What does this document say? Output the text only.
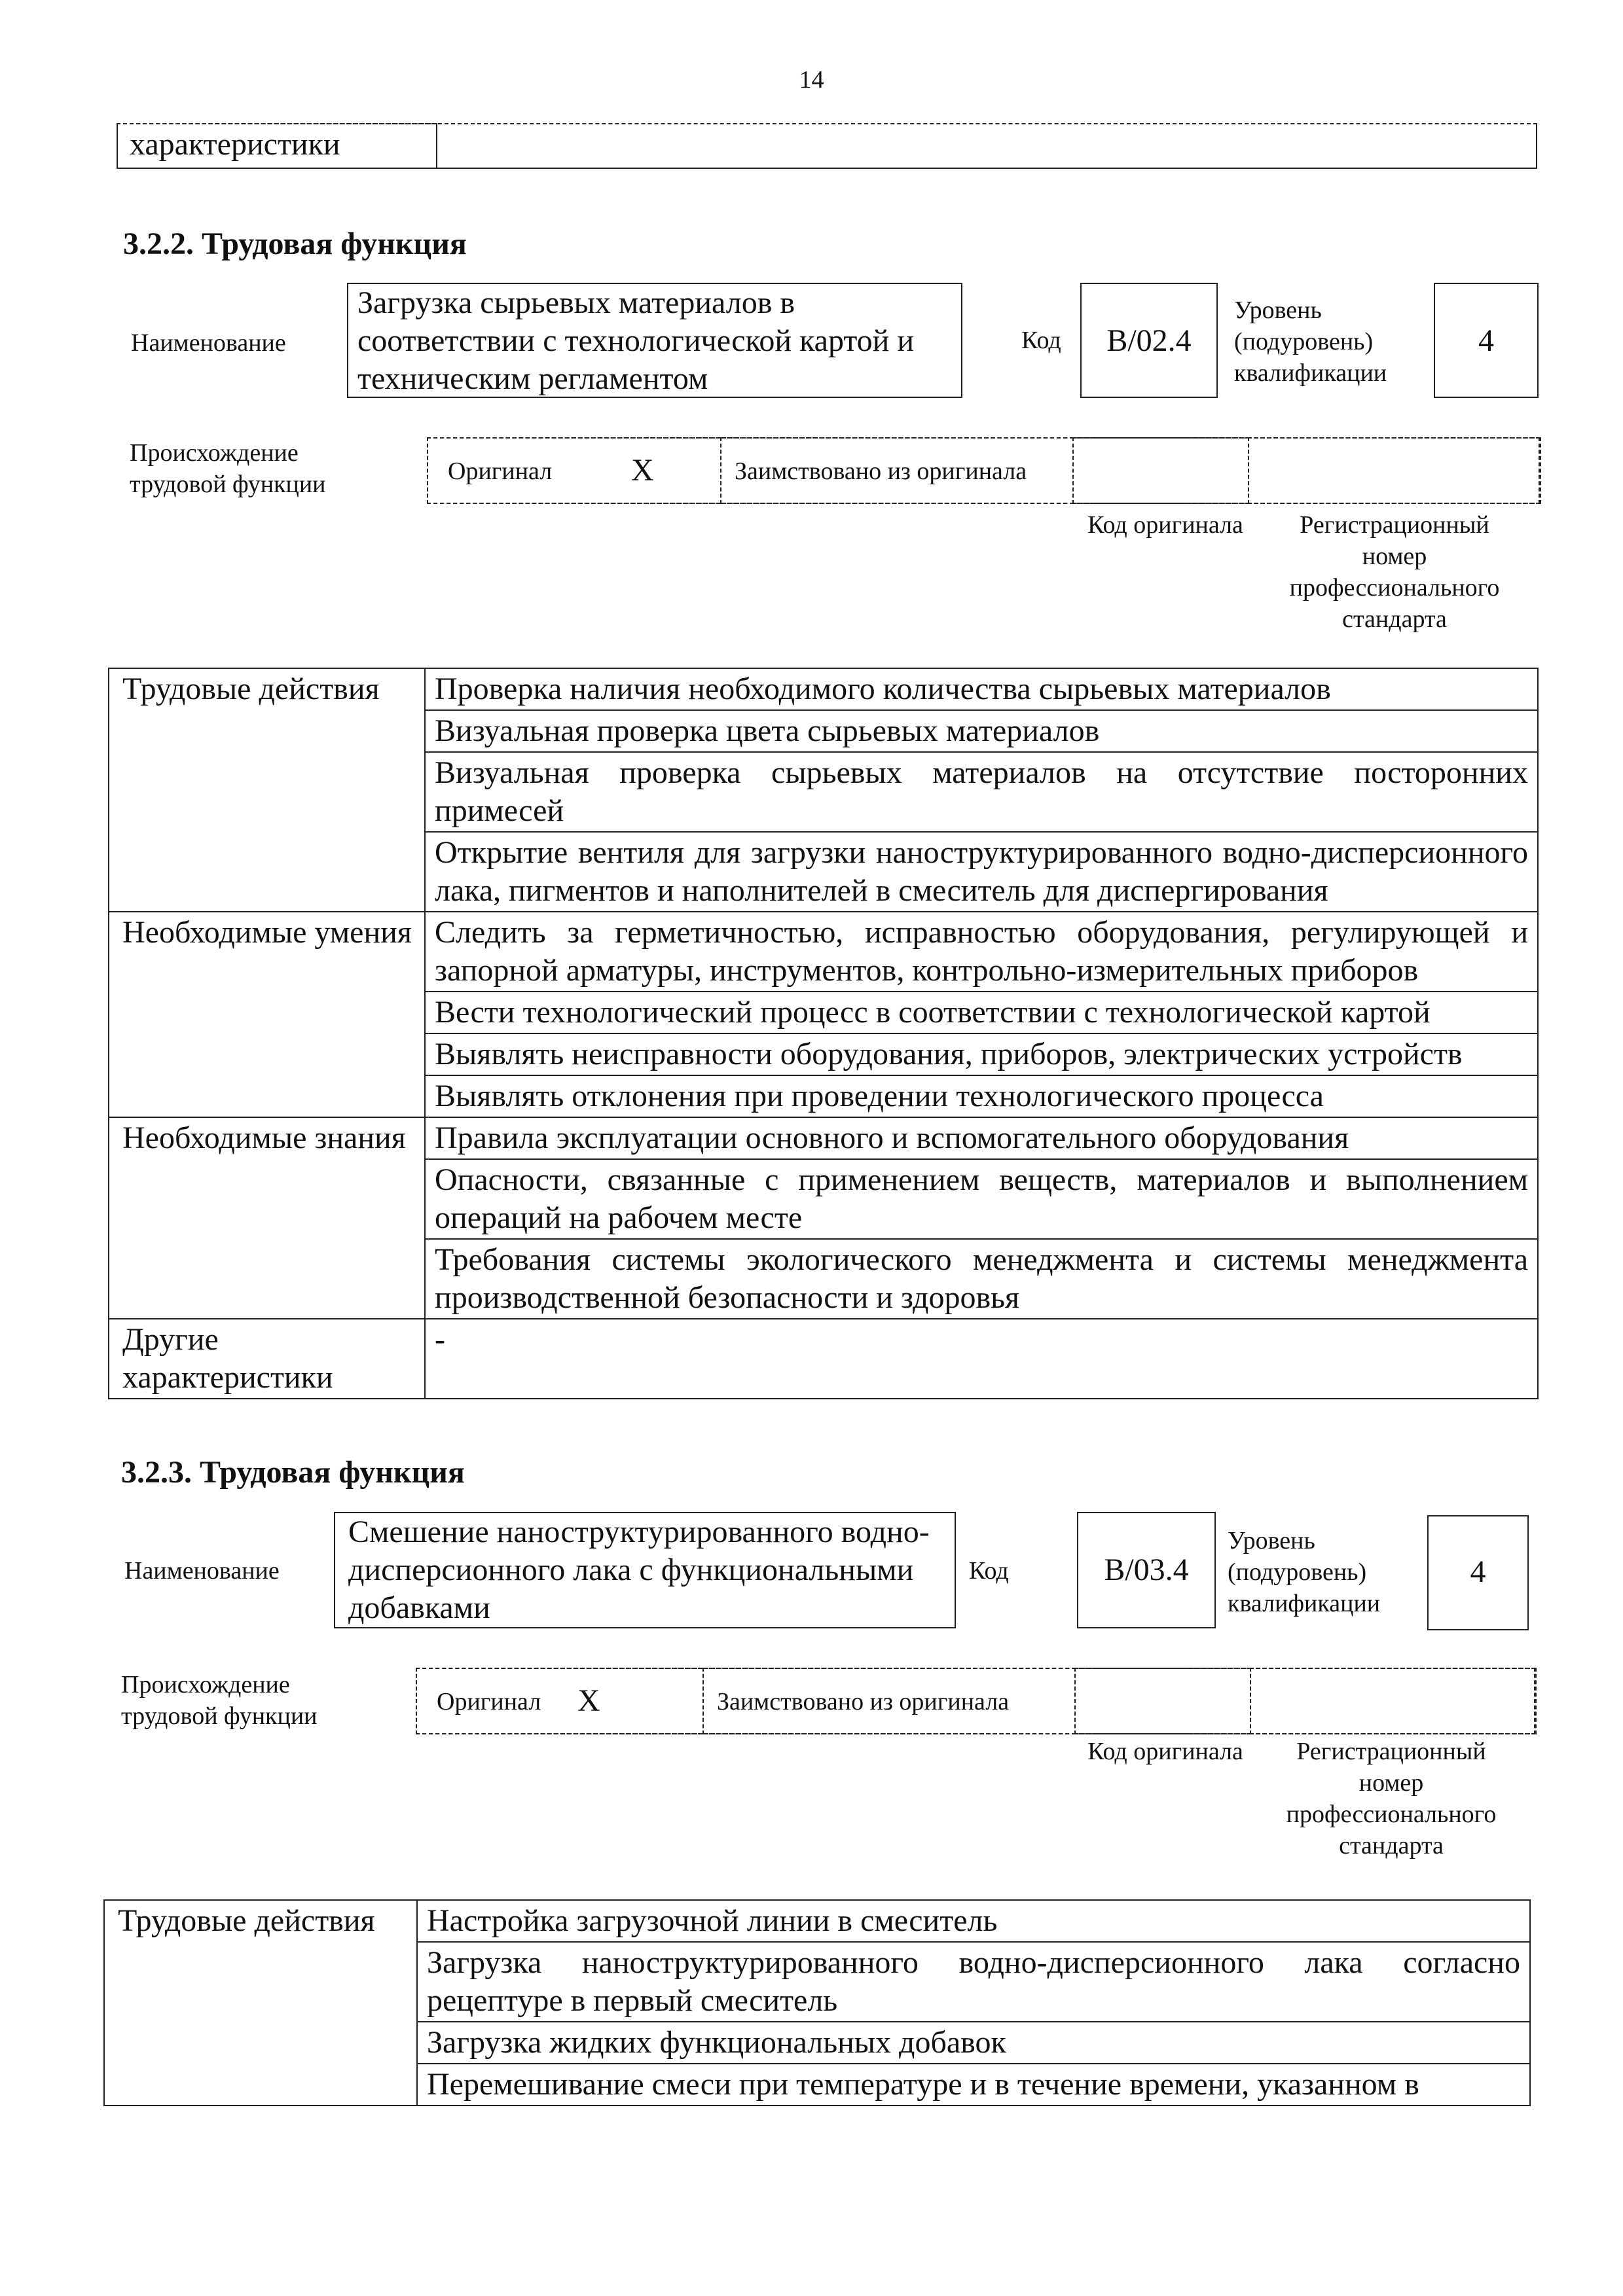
14
характеристики
3.2.2. Трудовая функция
Наименование
Загрузка сырьевых материалов в соответствии с технологической картой и техническим регламентом
Код	B/02.4
Уровень (подуровень) квалификации
4
Происхождение трудовой функции	Оригинал	X	Заимствовано из оригинала
Код оригинала	Регистрационный номер профессионального стандарта
Трудовые действия	Проверка наличия необходимого количества сырьевых материалов
	Визуальная проверка цвета сырьевых материалов
	Визуальная проверка сырьевых материалов на отсутствие посторонних примесей
	Открытие вентиля для загрузки наноструктурированного водно-дисперсионного лака, пигментов и наполнителей в смеситель для диспергирования
Необходимые умения	Следить за герметичностью, исправностью оборудования, регулирующей и запорной арматуры, инструментов, контрольно-измерительных приборов
	Вести технологический процесс в соответствии с технологической картой
	Выявлять неисправности оборудования, приборов, электрических устройств
	Выявлять отклонения при проведении технологического процесса
Необходимые знания	Правила эксплуатации основного и вспомогательного оборудования
	Опасности, связанные с применением веществ, материалов и выполнением операций на рабочем месте
	Требования системы экологического менеджмента и системы менеджмента производственной безопасности и здоровья
Другие характеристики	-
3.2.3. Трудовая функция
Наименование
Смешение наноструктурированного водно-дисперсионного лака с функциональными добавками
Код	B/03.4
Уровень (подуровень) квалификации
4
Происхождение трудовой функции
Оригинал X	Заимствовано из оригинала
Код оригинала	Регистрационный номер профессионального стандарта
Трудовые действия	Настройка загрузочной линии в смеситель
Загрузка наноструктурированного водно-дисперсионного лака согласно рецептуре в первый смеситель
Загрузка жидких функциональных добавок
Перемешивание смеси при температуре и в течение времени, указанном в
